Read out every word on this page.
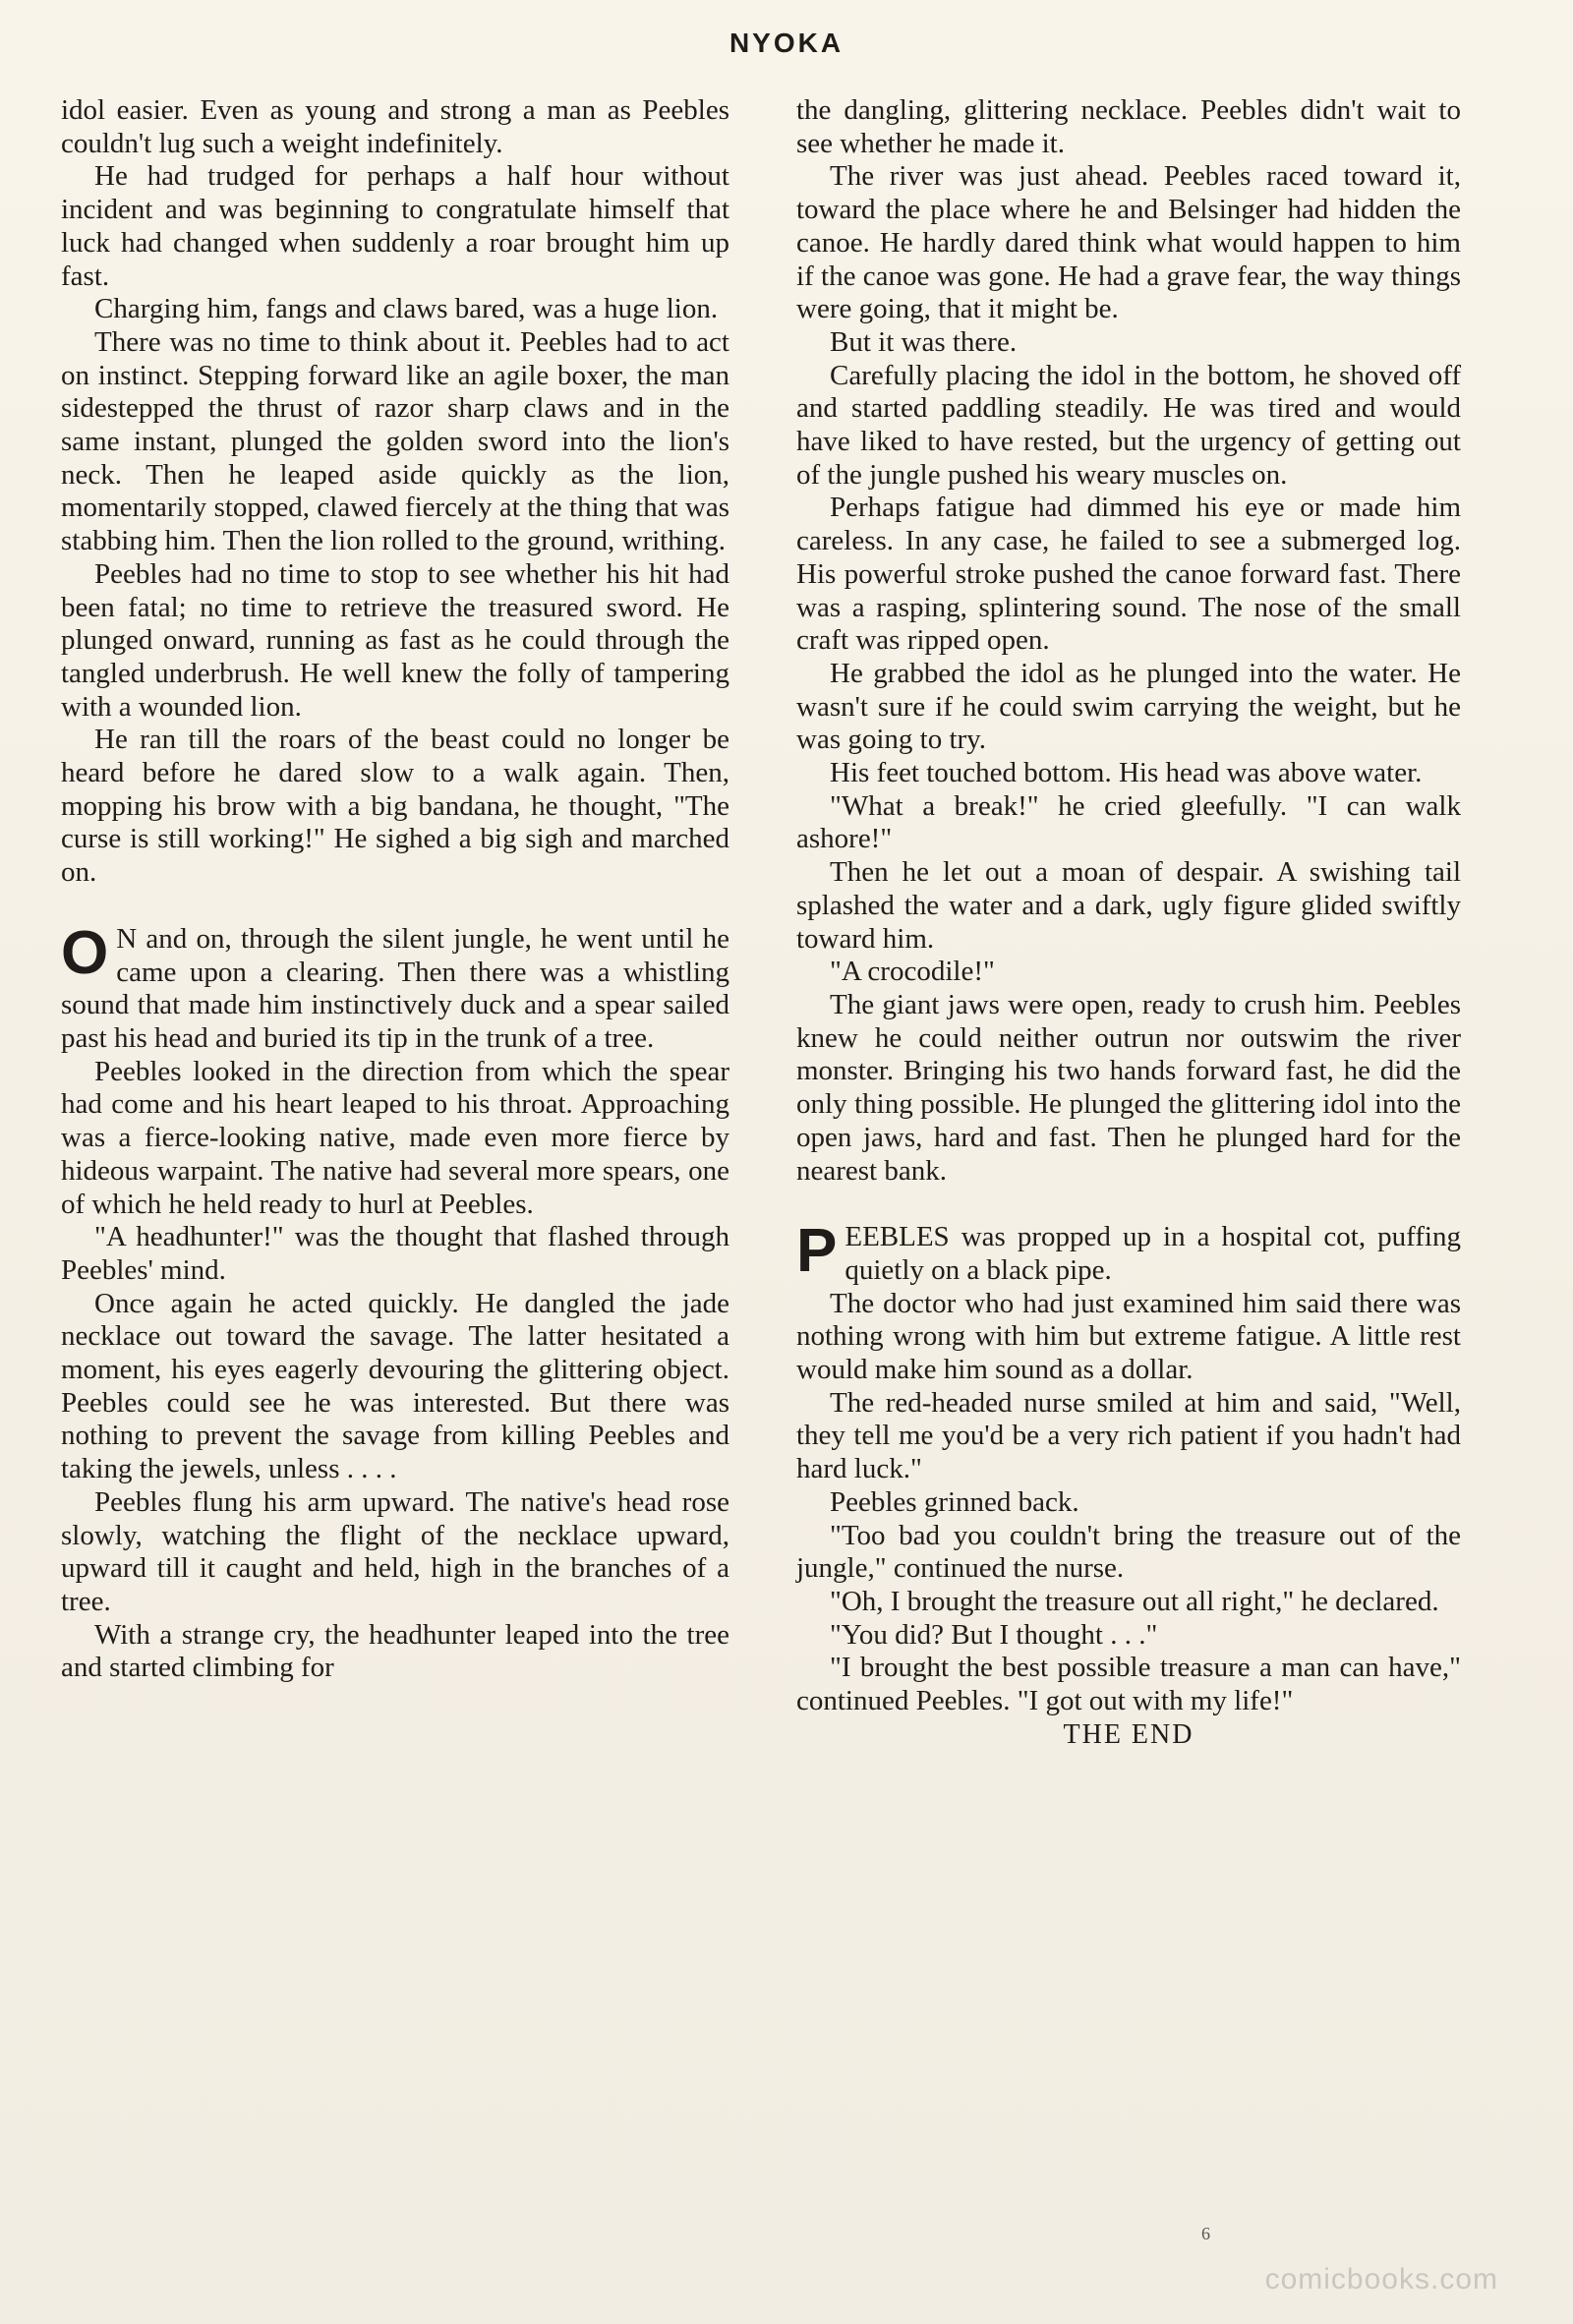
NYOKA

idol easier. Even as young and strong a man as Peebles couldn't lug such a weight indefinitely.

He had trudged for perhaps a half hour without incident and was beginning to congratulate himself that luck had changed when suddenly a roar brought him up fast.

Charging him, fangs and claws bared, was a huge lion.

There was no time to think about it. Peebles had to act on instinct. Stepping forward like an agile boxer, the man sidestepped the thrust of razor sharp claws and in the same instant, plunged the golden sword into the lion's neck. Then he leaped aside quickly as the lion, momentarily stopped, clawed fiercely at the thing that was stabbing him. Then the lion rolled to the ground, writhing.

Peebles had no time to stop to see whether his hit had been fatal; no time to retrieve the treasured sword. He plunged onward, running as fast as he could through the tangled underbrush. He well knew the folly of tampering with a wounded lion.

He ran till the roars of the beast could no longer be heard before he dared slow to a walk again. Then, mopping his brow with a big bandana, he thought, "The curse is still working!" He sighed a big sigh and marched on.

O N and on, through the silent jungle, he went until he came upon a clearing. Then there was a whistling sound that made him instinctively duck and a spear sailed past his head and buried its tip in the trunk of a tree.

Peebles looked in the direction from which the spear had come and his heart leaped to his throat. Approaching was a fierce-looking native, made even more fierce by hideous warpaint. The native had several more spears, one of which he held ready to hurl at Peebles.

"A headhunter!" was the thought that flashed through Peebles' mind.

Once again he acted quickly. He dangled the jade necklace out toward the savage. The latter hesitated a moment, his eyes eagerly devouring the glittering object. Peebles could see he was interested. But there was nothing to prevent the savage from killing Peebles and taking the jewels, unless . . . .

Peebles flung his arm upward. The native's head rose slowly, watching the flight of the necklace upward, upward till it caught and held, high in the branches of a tree.

With a strange cry, the headhunter leaped into the tree and started climbing for

the dangling, glittering necklace. Peebles didn't wait to see whether he made it.

The river was just ahead. Peebles raced toward it, toward the place where he and Belsinger had hidden the canoe. He hardly dared think what would happen to him if the canoe was gone. He had a grave fear, the way things were going, that it might be.

But it was there.

Carefully placing the idol in the bottom, he shoved off and started paddling steadily. He was tired and would have liked to have rested, but the urgency of getting out of the jungle pushed his weary muscles on.

Perhaps fatigue had dimmed his eye or made him careless. In any case, he failed to see a submerged log. His powerful stroke pushed the canoe forward fast. There was a rasping, splintering sound. The nose of the small craft was ripped open.

He grabbed the idol as he plunged into the water. He wasn't sure if he could swim carrying the weight, but he was going to try.

His feet touched bottom. His head was above water.

"What a break!" he cried gleefully. "I can walk ashore!"

Then he let out a moan of despair. A swishing tail splashed the water and a dark, ugly figure glided swiftly toward him.

"A crocodile!"

The giant jaws were open, ready to crush him. Peebles knew he could neither outrun nor outswim the river monster. Bringing his two hands forward fast, he did the only thing possible. He plunged the glittering idol into the open jaws, hard and fast. Then he plunged hard for the nearest bank.

PEEBLES was propped up in a hospital cot, puffing quietly on a black pipe.

The doctor who had just examined him said there was nothing wrong with him but extreme fatigue. A little rest would make him sound as a dollar.

The red-headed nurse smiled at him and said, "Well, they tell me you'd be a very rich patient if you hadn't had hard luck."

Peebles grinned back.

"Too bad you couldn't bring the treasure out of the jungle," continued the nurse.

"Oh, I brought the treasure out all right," he declared.

"You did? But I thought . . ."

"I brought the best possible treasure a man can have," continued Peebles. "I got out with my life!"

THE END

6
comicbooks.com
